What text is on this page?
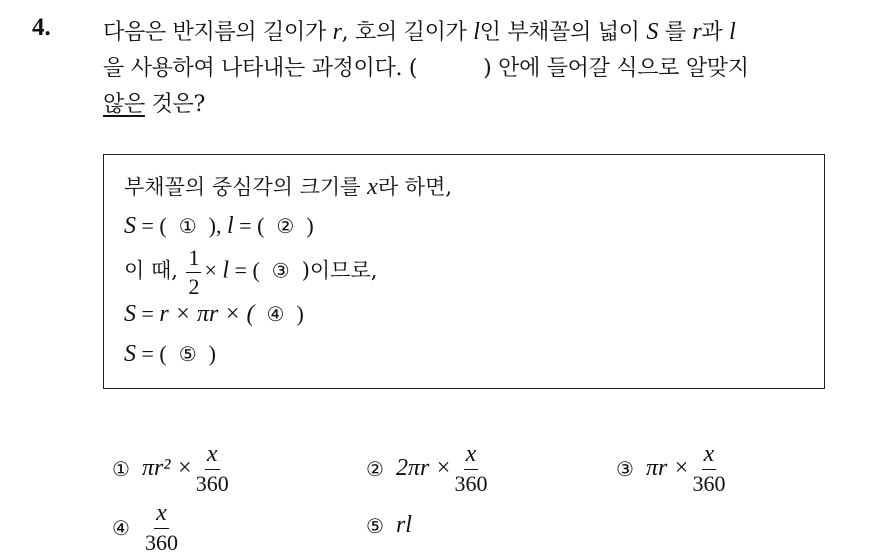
4. 다음은 반지름의 길이가 r, 호의 길이가 l인 부채꼴의 넓이 S 를 r과 l
을 사용하여 나타내는 과정이다. (	) 안에 들어갈 식으로 알맞지
않은 것은?
부채꼴의 중심각의 크기를 x라 하면,
S = ( ① ), l = ( ② )
이 때, $\frac{1}{2} \times l$ = ( ③ )이므로,
S = r × πr × ( ④ )
S = ( ⑤ )
① $\pi r^2 \times \frac{x}{360}$	② $2\pi r \times \frac{x}{360}$	③ $\pi r \times \frac{x}{360}$
④ $\frac{x}{360}$	⑤ rl
